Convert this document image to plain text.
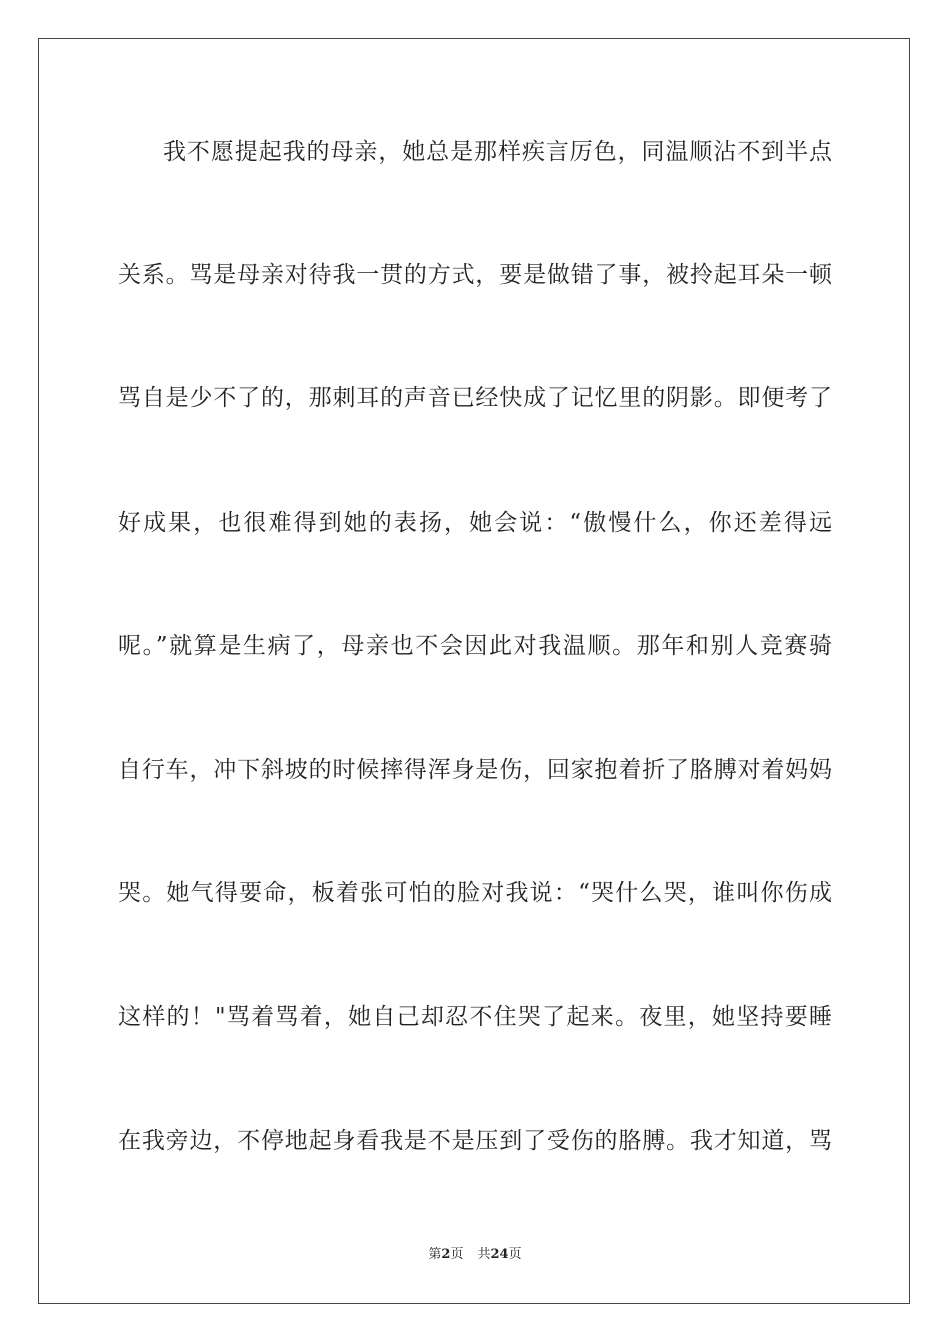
我不愿提起我的母亲，她总是那样疾言厉色，同温顺沾不到半点
关系。骂是母亲对待我一贯的方式，要是做错了事，被拎起耳朵一顿
骂自是少不了的，那刺耳的声音已经快成了记忆里的阴影。即便考了
好成果，也很难得到她的表扬，她会说：“傲慢什么，你还差得远
呢。”就算是生病了，母亲也不会因此对我温顺。那年和别人竞赛骑
自行车，冲下斜坡的时候摔得浑身是伤，回家抱着折了胳膊对着妈妈
哭。她气得要命，板着张可怕的脸对我说：“哭什么哭，谁叫你伤成
这样的！"骂着骂着，她自己却忍不住哭了起来。夜里，她坚持要睡
在我旁边，不停地起身看我是不是压到了受伤的胳膊。我才知道，骂
第2页 共24页
